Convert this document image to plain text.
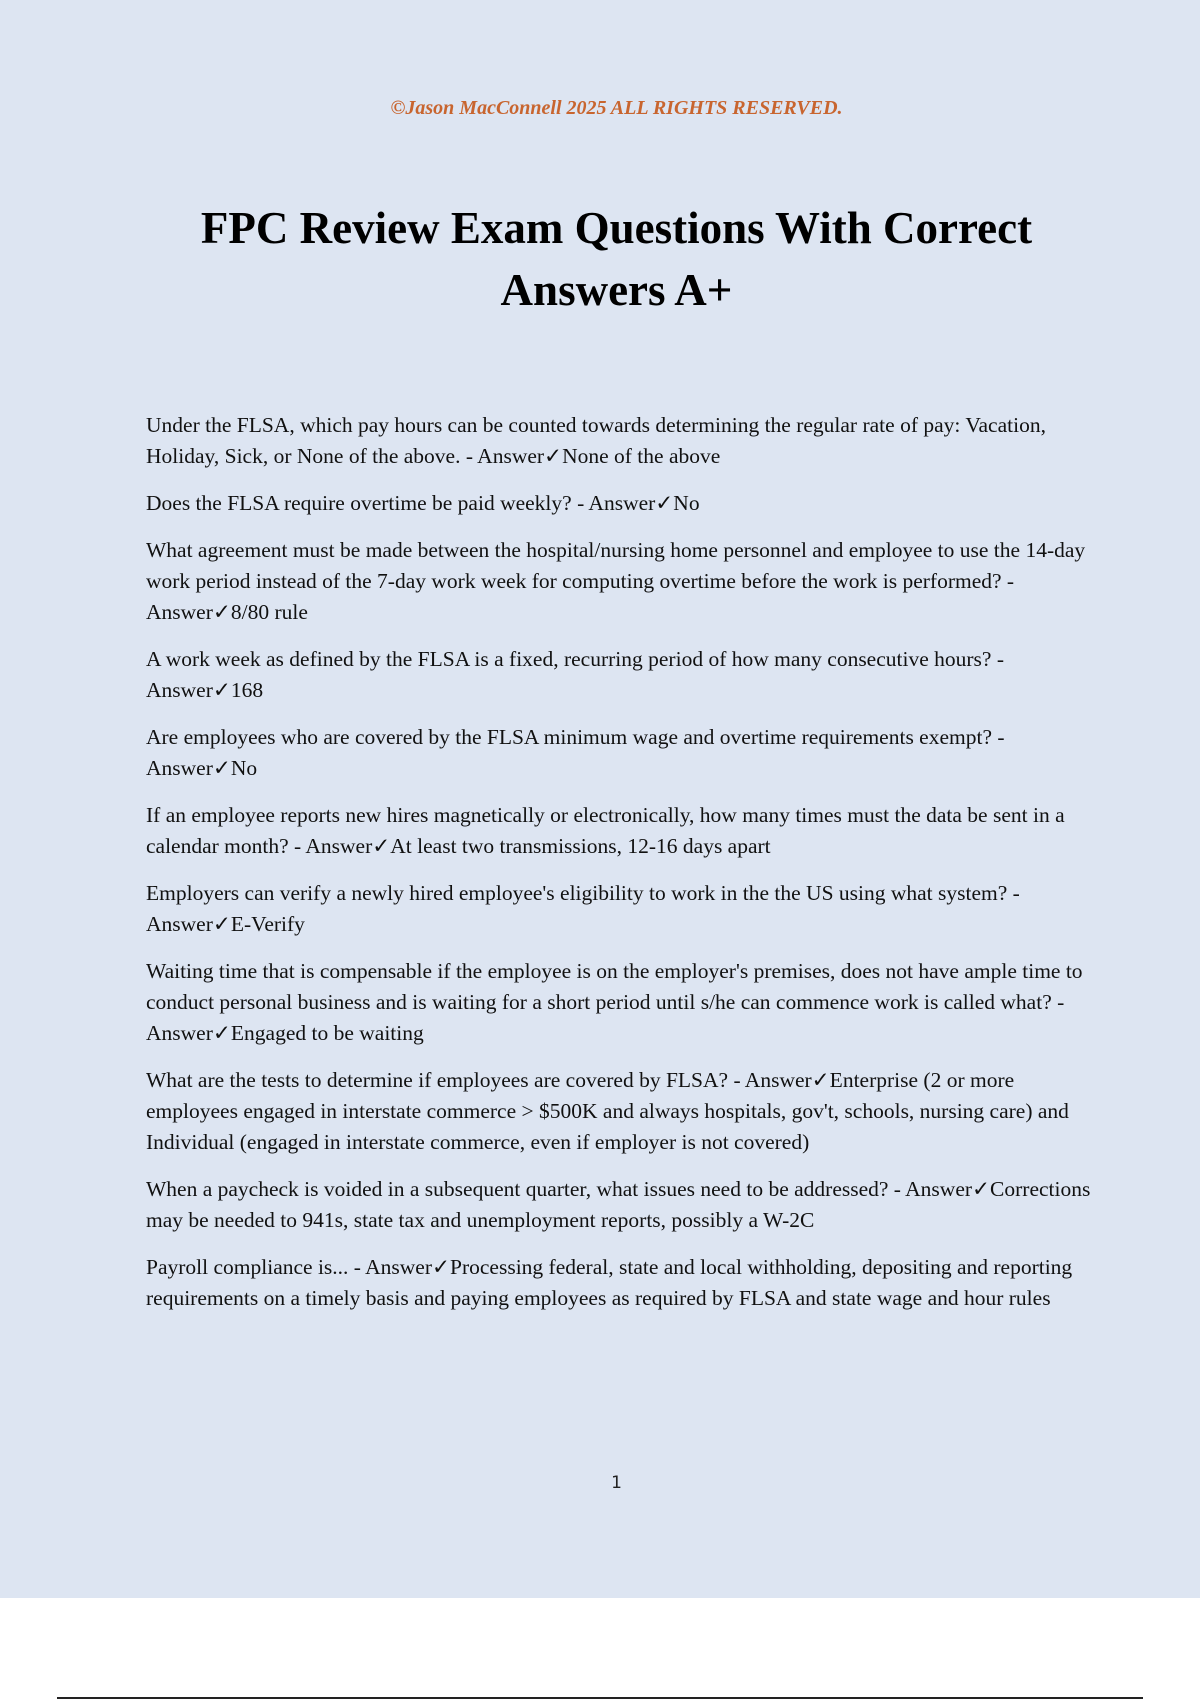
©Jason MacConnell 2025 ALL RIGHTS RESERVED.
FPC Review Exam Questions With Correct Answers A+

Under the FLSA, which pay hours can be counted towards determining the regular rate of pay: Vacation, Holiday, Sick, or None of the above. - Answer✓None of the above

Does the FLSA require overtime be paid weekly? - Answer✓No

What agreement must be made between the hospital/nursing home personnel and employee to use the 14-day work period instead of the 7-day work week for computing overtime before the work is performed? - Answer✓8/80 rule

A work week as defined by the FLSA is a fixed, recurring period of how many consecutive hours? - Answer✓168

Are employees who are covered by the FLSA minimum wage and overtime requirements exempt? - Answer✓No

If an employee reports new hires magnetically or electronically, how many times must the data be sent in a calendar month? - Answer✓At least two transmissions, 12-16 days apart

Employers can verify a newly hired employee's eligibility to work in the the US using what system? - Answer✓E-Verify

Waiting time that is compensable if the employee is on the employer's premises, does not have ample time to conduct personal business and is waiting for a short period until s/he can commence work is called what? - Answer✓Engaged to be waiting

What are the tests to determine if employees are covered by FLSA? - Answer✓Enterprise (2 or more employees engaged in interstate commerce > $500K and always hospitals, gov't, schools, nursing care) and Individual (engaged in interstate commerce, even if employer is not covered)

When a paycheck is voided in a subsequent quarter, what issues need to be addressed? - Answer✓Corrections may be needed to 941s, state tax and unemployment reports, possibly a W-2C

Payroll compliance is... - Answer✓Processing federal, state and local withholding, depositing and reporting requirements on a timely basis and paying employees as required by FLSA and state wage and hour rules

1
